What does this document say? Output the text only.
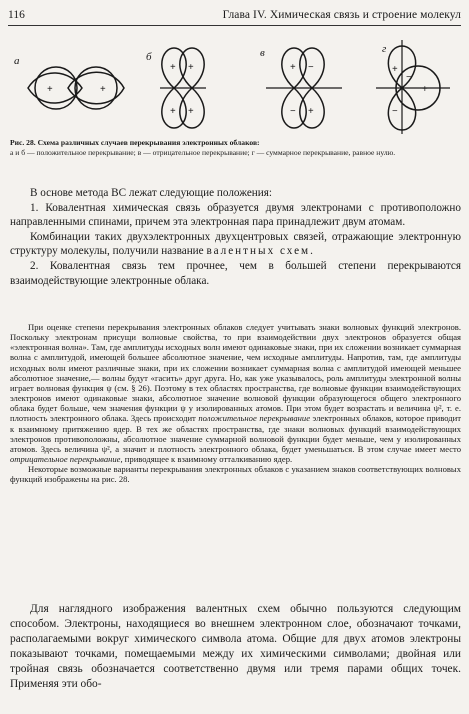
116	Глава IV. Химическая связь и строение молекул
а	б	в	г
+	+
+ +
+ +
+
+
−
−
+
+
−
−
Рис. 28. Схема различных случаев перекрывания электронных облаков:
а и б — положительное перекрывание; в — отрицательное перекрывание; г — суммарное перекрывание, равное нулю.

В основе метода ВС лежат следующие положения:

1. Ковалентная химическая связь образуется двумя электронами с противоположно направленными спинами, причем эта электронная пара принадлежит двум атомам.

Комбинации таких двухэлектронных двухцентровых связей, отражающие электронную структуру молекулы, получили название валентных схем.

2. Ковалентная связь тем прочнее, чем в большей степени перекрываются взаимодействующие электронные облака.

При оценке степени перекрывания электронных облаков следует учитывать знаки волновых функций электронов. Поскольку электронам присущи волновые свойства, то при взаимодействии двух электронов образуется общая «электронная волна». Там, где амплитуды исходных волн имеют одинаковые знаки, при их сложении возникает суммарная волна с амплитудой, имеющей большее абсолютное значение, чем исходные амплитуды. Напротив, там, где амплитуды исходных волн имеют различные знаки, при их сложении возникает суммарная волна с амплитудой имеющей меньшее абсолютное значение,— волны будут «гасить» друг друга. Но, как уже указывалось, роль амплитуды электронной волны играет волновая функция ψ (см. § 26). Поэтому в тех областях пространства, где волновые функции взаимодействующих электронов имеют одинаковые знаки, абсолютное значение волновой функции образующегося общего электронного облака будет больше, чем значения функции ψ у изолированных атомов. При этом будет возрастать и величина ψ², т. е. плотность электронного облака. Здесь происходит положительное перекрывание электронных облаков, которое приводит к взаимному притяжению ядер. В тех же областях пространства, где знаки волновых функций взаимодействующих электронов противоположны, абсолютное значение суммарной волновой функции будет меньше, чем у изолированных атомов. Здесь величина ψ², а значит и плотность электронного облака, будет уменьшаться. В этом случае имеет место отрицательное перекрывание, приводящее к взаимному отталкиванию ядер.

Некоторые возможные варианты перекрывания электронных облаков с указанием знаков соответствующих волновых функций изображены на рис. 28.

Для наглядного изображения валентных схем обычно пользуются следующим способом. Электроны, находящиеся во внешнем электронном слое, обозначают точками, располагаемыми вокруг химического символа атома. Общие для двух атомов электроны показывают точками, помещаемыми между их химическими символами; двойная или тройная связь обозначается соответственно двумя или тремя парами общих точек. Применяя эти обо-
